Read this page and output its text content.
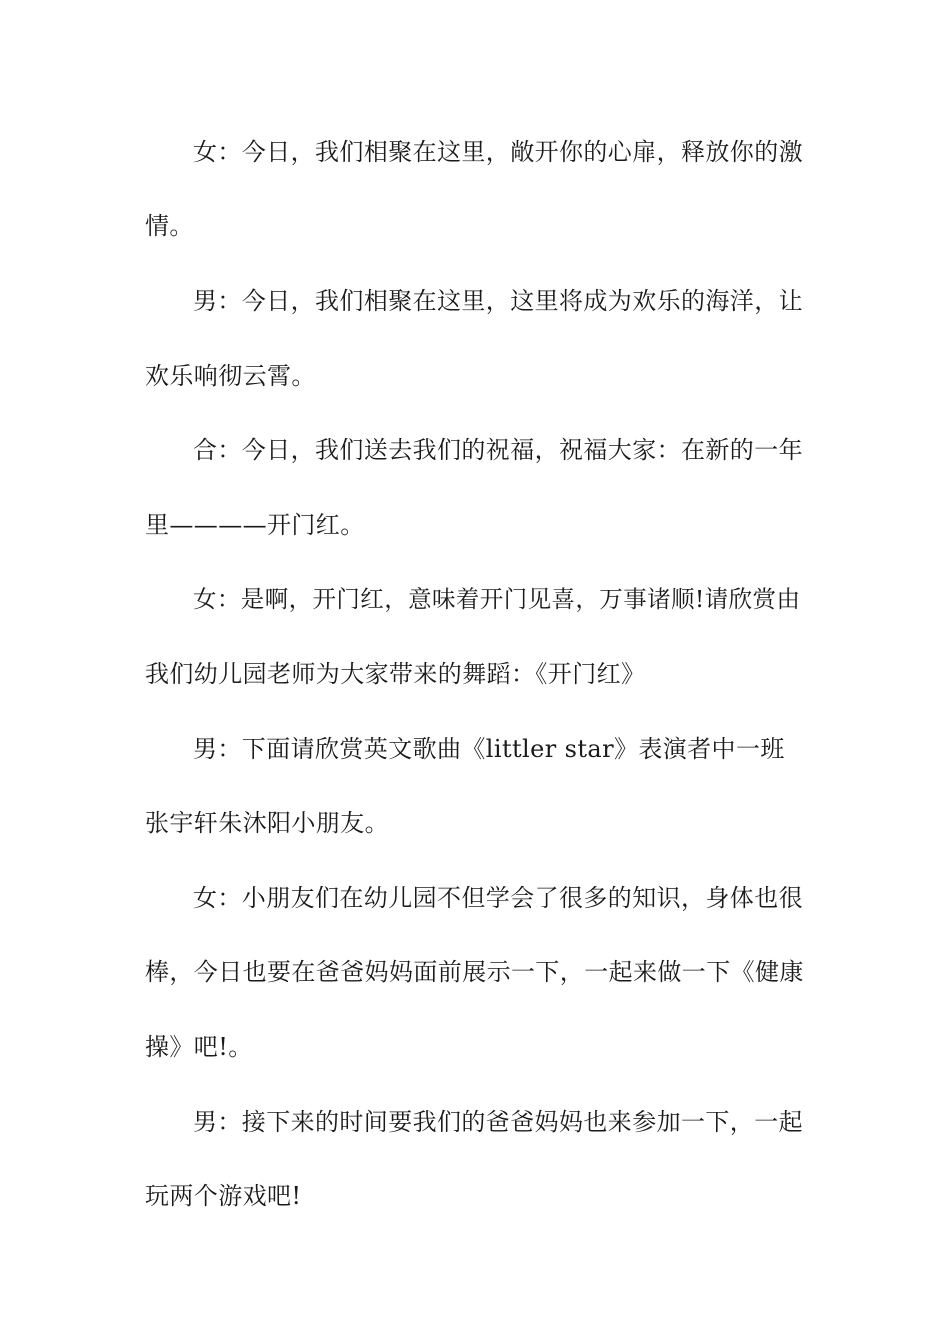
女：今日，我们相聚在这里，敞开你的心扉，释放你的激
情。
男：今日，我们相聚在这里，这里将成为欢乐的海洋，让
欢乐响彻云霄。
合：今日，我们送去我们的祝福，祝福大家：在新的一年
里————开门红。
女：是啊，开门红，意味着开门见喜，万事诸顺!请欣赏由
我们幼儿园老师为大家带来的舞蹈：《开门红》
男：下面请欣赏英文歌曲《littler star》表演者中一班
张宇轩朱沐阳小朋友。
女：小朋友们在幼儿园不但学会了很多的知识，身体也很
棒，今日也要在爸爸妈妈面前展示一下，一起来做一下《健康
操》吧!。
男：接下来的时间要我们的爸爸妈妈也来参加一下，一起
玩两个游戏吧!
